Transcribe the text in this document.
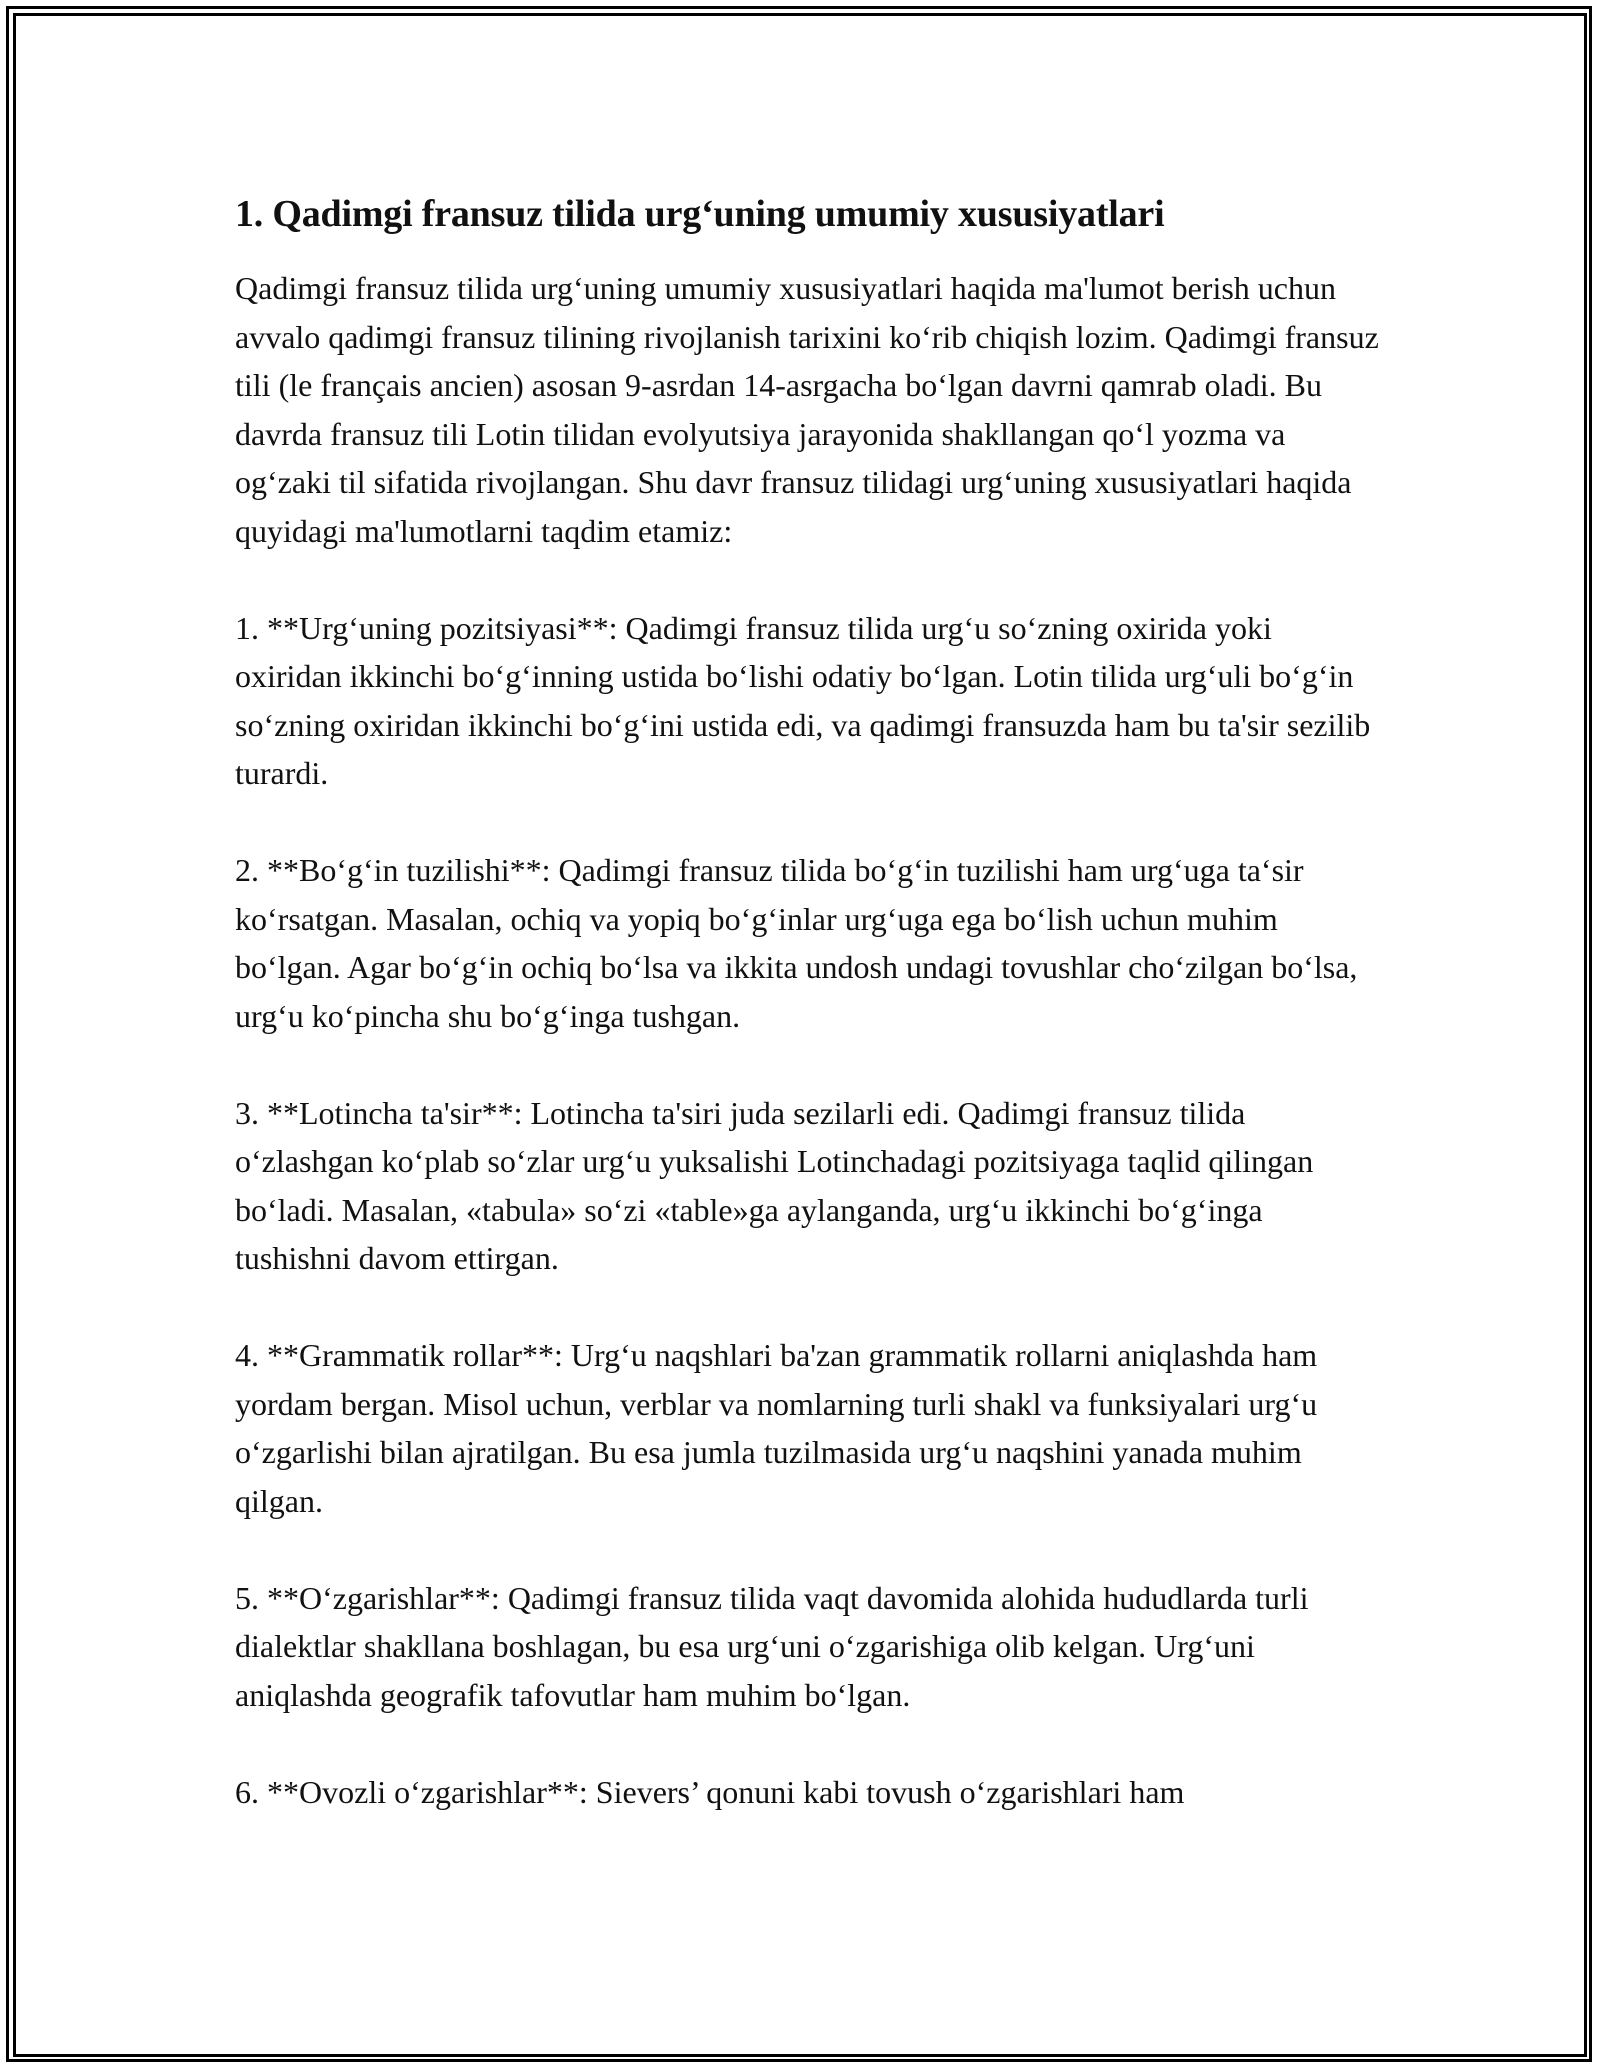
1. Qadimgi fransuz tilida urg‘uning umumiy xususiyatlari

Qadimgi fransuz tilida urg‘uning umumiy xususiyatlari haqida ma'lumot berish uchun avvalo qadimgi fransuz tilining rivojlanish tarixini ko‘rib chiqish lozim. Qadimgi fransuz tili (le français ancien) asosan 9-asrdan 14-asrgacha bo‘lgan davrni qamrab oladi. Bu davrda fransuz tili Lotin tilidan evolyutsiya jarayonida shakllangan qo‘l yozma va og‘zaki til sifatida rivojlangan. Shu davr fransuz tilidagi urg‘uning xususiyatlari haqida quyidagi ma'lumotlarni taqdim etamiz:

1. **Urg‘uning pozitsiyasi**: Qadimgi fransuz tilida urg‘u so‘zning oxirida yoki oxiridan ikkinchi bo‘g‘inning ustida bo‘lishi odatiy bo‘lgan. Lotin tilida urg‘uli bo‘g‘in so‘zning oxiridan ikkinchi bo‘g‘ini ustida edi, va qadimgi fransuzda ham bu ta'sir sezilib turardi.

2. **Bo‘g‘in tuzilishi**: Qadimgi fransuz tilida bo‘g‘in tuzilishi ham urg‘uga ta‘sir ko‘rsatgan. Masalan, ochiq va yopiq bo‘g‘inlar urg‘uga ega bo‘lish uchun muhim bo‘lgan. Agar bo‘g‘in ochiq bo‘lsa va ikkita undosh undagi tovushlar cho‘zilgan bo‘lsa, urg‘u ko‘pincha shu bo‘g‘inga tushgan.

3. **Lotincha ta'sir**: Lotincha ta'siri juda sezilarli edi. Qadimgi fransuz tilida o‘zlashgan ko‘plab so‘zlar urg‘u yuksalishi Lotinchadagi pozitsiyaga taqlid qilingan bo‘ladi. Masalan, «tabula» so‘zi «table»ga aylanganda, urg‘u ikkinchi bo‘g‘inga tushishni davom ettirgan.

4. **Grammatik rollar**: Urg‘u naqshlari ba'zan grammatik rollarni aniqlashda ham yordam bergan. Misol uchun, verblar va nomlarning turli shakl va funksiyalari urg‘u o‘zgarlishi bilan ajratilgan. Bu esa jumla tuzilmasida urg‘u naqshini yanada muhim qilgan.

5. **O‘zgarishlar**: Qadimgi fransuz tilida vaqt davomida alohida hududlarda turli dialektlar shakllana boshlagan, bu esa urg‘uni o‘zgarishiga olib kelgan. Urg‘uni aniqlashda geografik tafovutlar ham muhim bo‘lgan.

6. **Ovozli o‘zgarishlar**: Sievers’ qonuni kabi tovush o‘zgarishlari ham
